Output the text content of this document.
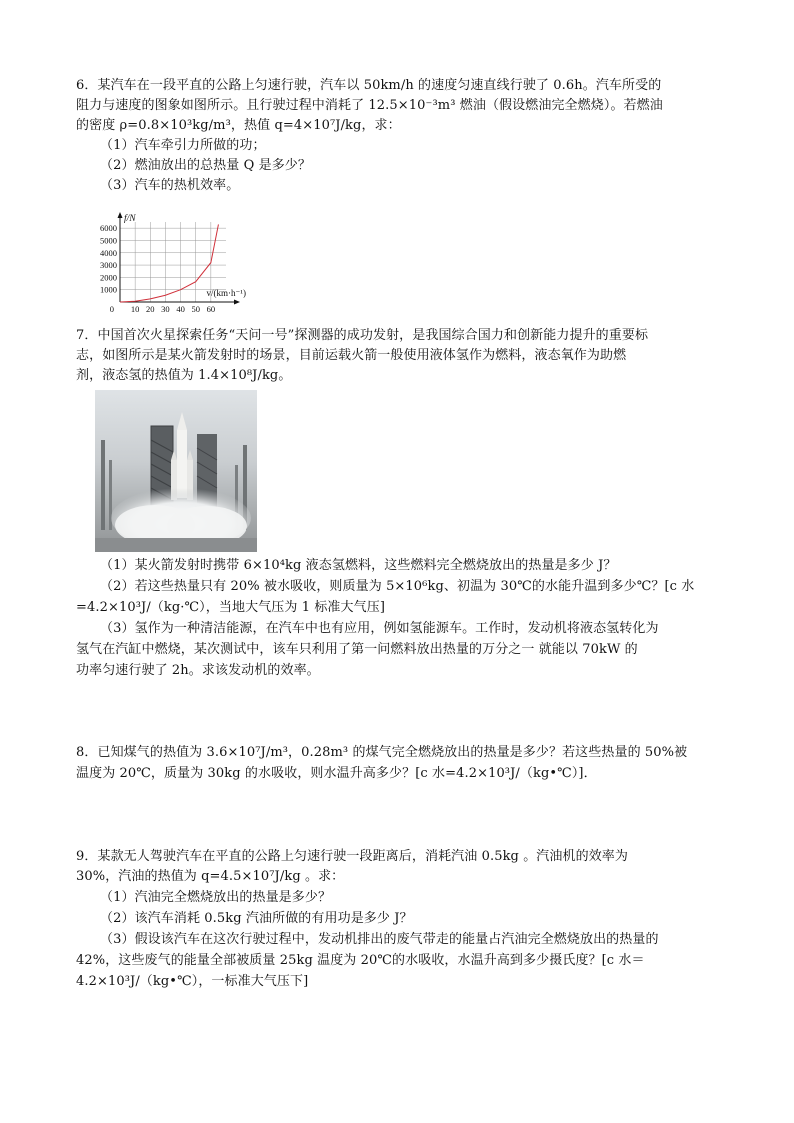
6．某汽车在一段平直的公路上匀速行驶，汽车以 50km/h 的速度匀速直线行驶了 0.6h。汽车所受的
阻力与速度的图象如图所示。且行驶过程中消耗了 12.5×10⁻³m³ 燃油（假设燃油完全燃烧）。若燃油
的密度 ρ=0.8×10³kg/m³，热值 q=4×10⁷J/kg，求：
（1）汽车牵引力所做的功；
（2）燃油放出的总热量 Q 是多少？
（3）汽车的热机效率。
1000
2000
3000
4000
5000
6000
10 20 30 40 50 60
0
f/N
v/(km·h⁻¹)
7．中国首次火星探索任务“天问一号”探测器的成功发射，是我国综合国力和创新能力提升的重要标
志，如图所示是某火箭发射时的场景，目前运载火箭一般使用液体氢作为燃料，液态氧作为助燃
剂，液态氢的热值为 1.4×10⁸J/kg。
（1）某火箭发射时携带 6×10⁴kg 液态氢燃料，这些燃料完全燃烧放出的热量是多少 J？
（2）若这些热量只有 20% 被水吸收，则质量为 5×10⁶kg、初温为 30℃的水能升温到多少℃？[c 水
=4.2×10³J/（kg·℃），当地大气压为 1 标准大气压]
（3）氢作为一种清洁能源，在汽车中也有应用，例如氢能源车。工作时，发动机将液态氢转化为
氢气在汽缸中燃烧，某次测试中，该车只利用了第一问燃料放出热量的万分之一 就能以 70kW 的
功率匀速行驶了 2h。求该发动机的效率。
8．已知煤气的热值为 3.6×10⁷J/m³，0.28m³ 的煤气完全燃烧放出的热量是多少？若这些热量的 50%被
温度为 20℃，质量为 30kg 的水吸收，则水温升高多少？[c 水=4.2×10³J/（kg•℃）]．
9．某款无人驾驶汽车在平直的公路上匀速行驶一段距离后，消耗汽油 0.5kg 。汽油机的效率为
30%，汽油的热值为 q=4.5×10⁷J/kg 。求：
（1）汽油完全燃烧放出的热量是多少？
（2）该汽车消耗 0.5kg 汽油所做的有用功是多少 J？
（3）假设该汽车在这次行驶过程中，发动机排出的废气带走的能量占汽油完全燃烧放出的热量的
42%，这些废气的能量全部被质量 25kg 温度为 20℃的水吸收，水温升高到多少摄氏度？[c 水＝
4.2×10³J/（kg•℃），一标准大气压下]
